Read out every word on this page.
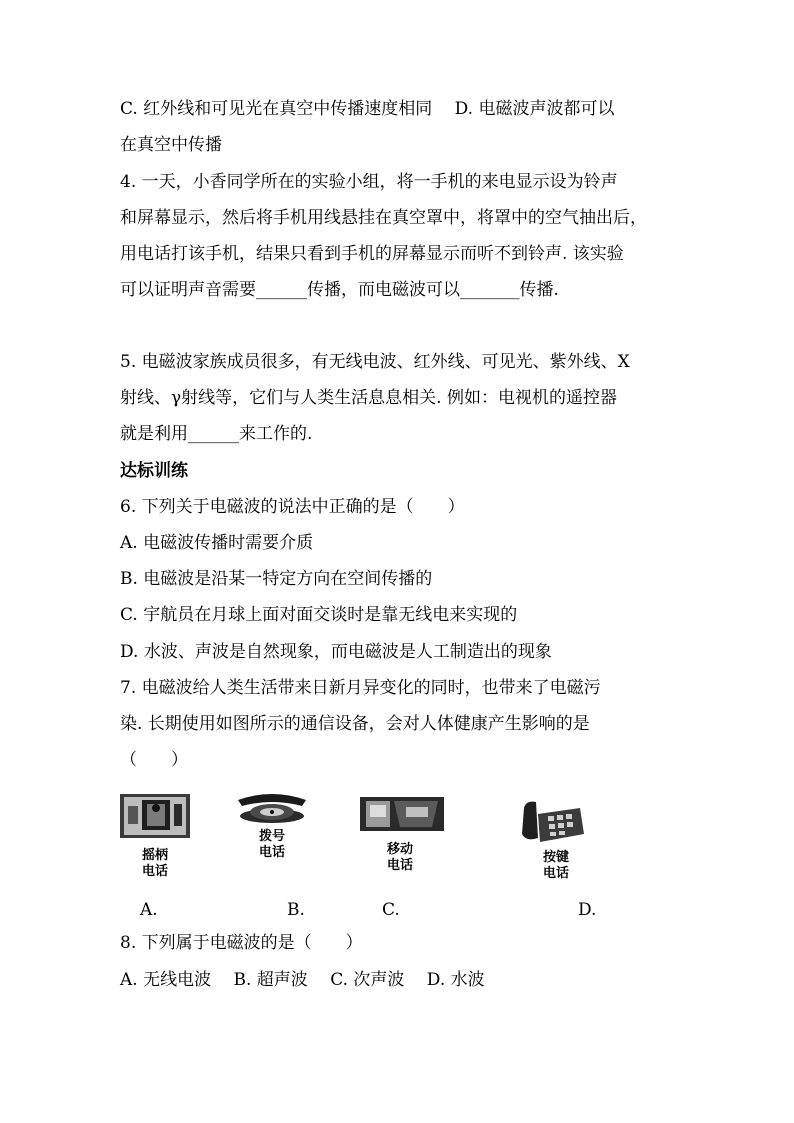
C. 红外线和可见光在真空中传播速度相同　 D. 电磁波声波都可以
在真空中传播
4. 一天，小香同学所在的实验小组，将一手机的来电显示设为铃声
和屏幕显示，然后将手机用线悬挂在真空罩中，将罩中的空气抽出后，
用电话打该手机，结果只看到手机的屏幕显示而听不到铃声. 该实验
可以证明声音需要______传播，而电磁波可以_______传播.
5. 电磁波家族成员很多，有无线电波、红外线、可见光、紫外线、X
射线、γ射线等，它们与人类生活息息相关. 例如：电视机的遥控器
就是利用______来工作的.
达标训练
6. 下列关于电磁波的说法中正确的是（　　）
A. 电磁波传播时需要介质
B. 电磁波是沿某一特定方向在空间传播的
C. 宇航员在月球上面对面交谈时是靠无线电来实现的
D. 水波、声波是自然现象，而电磁波是人工制造出的现象
7. 电磁波给人类生活带来日新月异变化的同时，也带来了电磁污
染. 长期使用如图所示的通信设备，会对人体健康产生影响的是
（　　）
摇柄
电话
拨号
电话	移动
电话
按键
电话
A.	B.	C.	D.
8. 下列属于电磁波的是（　　）
A. 无线电波　 B. 超声波　 C. 次声波　 D. 水波
